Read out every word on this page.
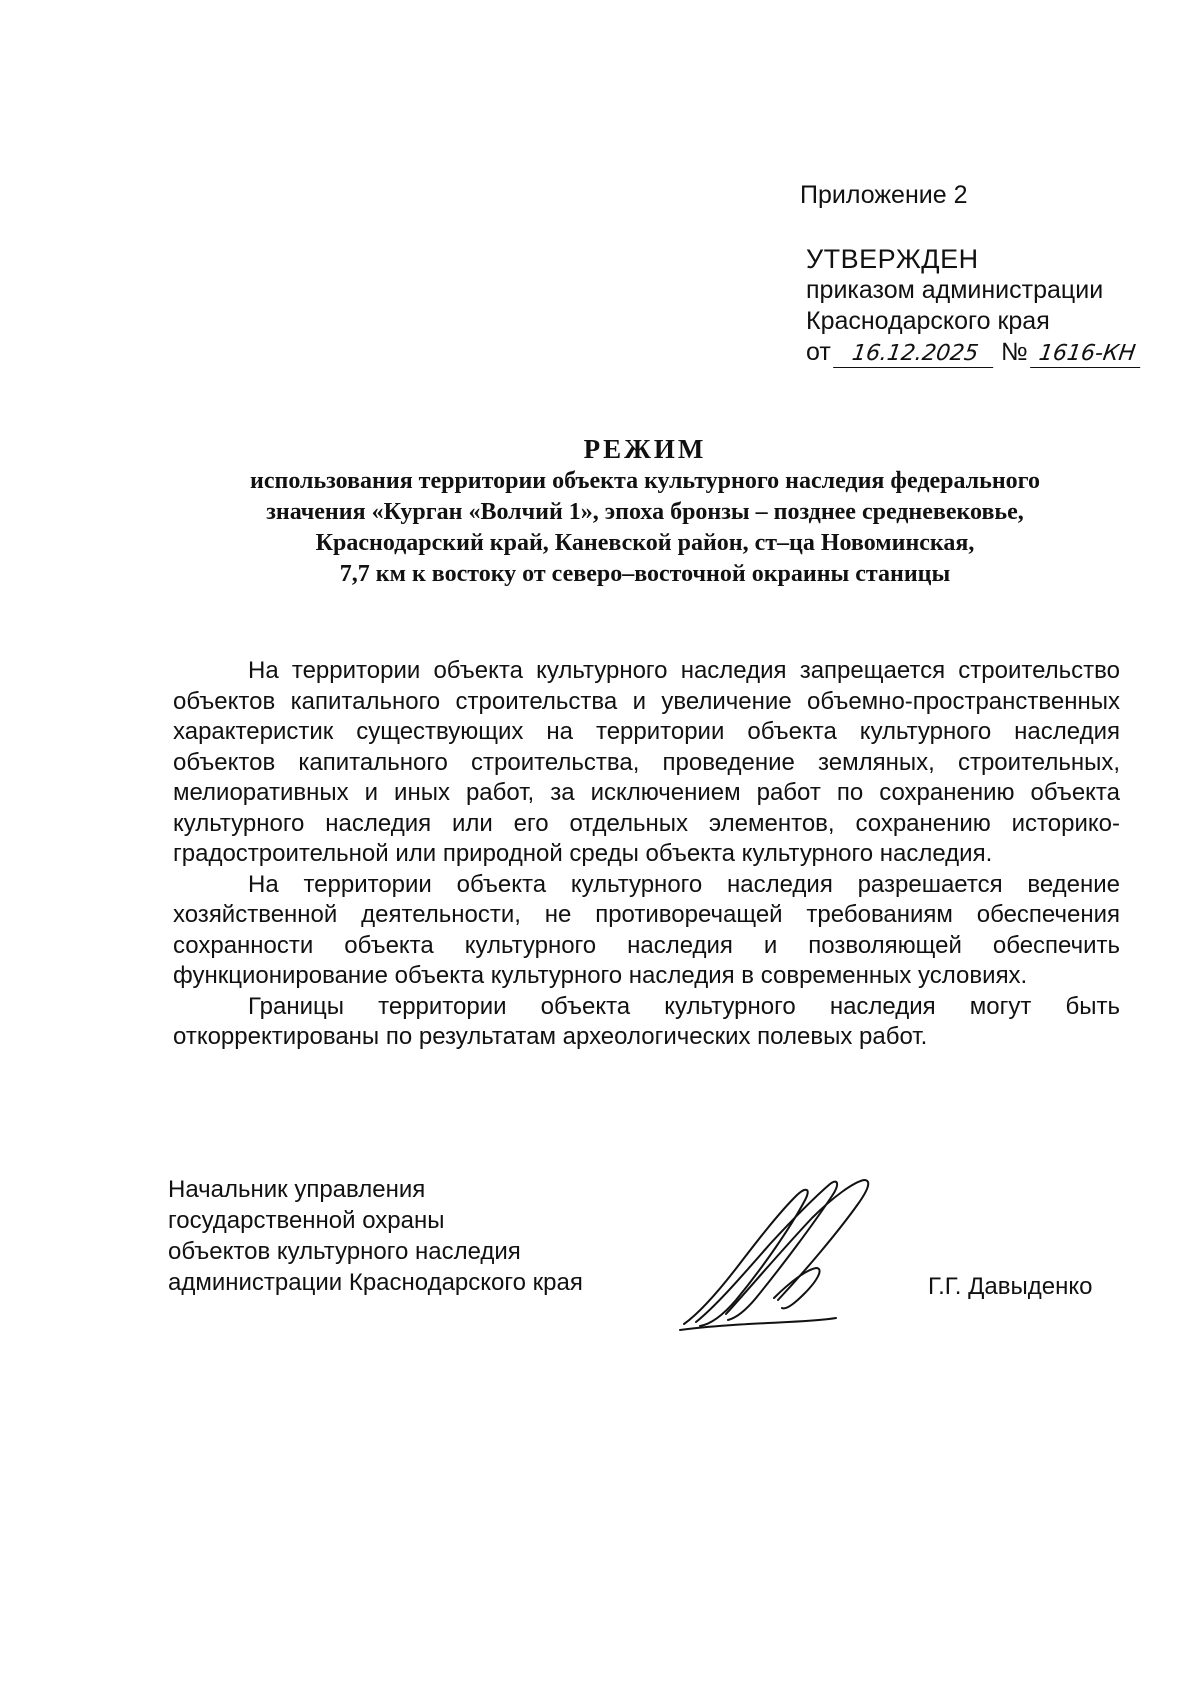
Приложение 2
УТВЕРЖДЕН
приказом администрации
Краснодарского края
от 16.12.2025 № 1616-КН
РЕЖИМ
использования территории объекта культурного наследия федерального
значения «Курган «Волчий 1», эпоха бронзы – позднее средневековье,
Краснодарский край, Каневской район, ст–ца Новоминская,
7,7 км к востоку от северо–восточной окраины станицы

На территории объекта культурного наследия запрещается строительство объектов капитального строительства и увеличение объемно-пространственных характеристик существующих на территории объекта культурного наследия объектов капитального строительства, проведение земляных, строительных, мелиоративных и иных работ, за исключением работ по сохранению объекта культурного наследия или его отдельных элементов, сохранению историко-градостроительной или природной среды объекта культурного наследия.

На территории объекта культурного наследия разрешается ведение хозяйственной деятельности, не противоречащей требованиям обеспечения сохранности объекта культурного наследия и позволяющей обеспечить функционирование объекта культурного наследия в современных условиях.

Границы территории объекта культурного наследия могут быть откорректированы по результатам археологических полевых работ.

Начальник управления
государственной охраны
объектов культурного наследия
администрации Краснодарского края	Г.Г. Давыденко
